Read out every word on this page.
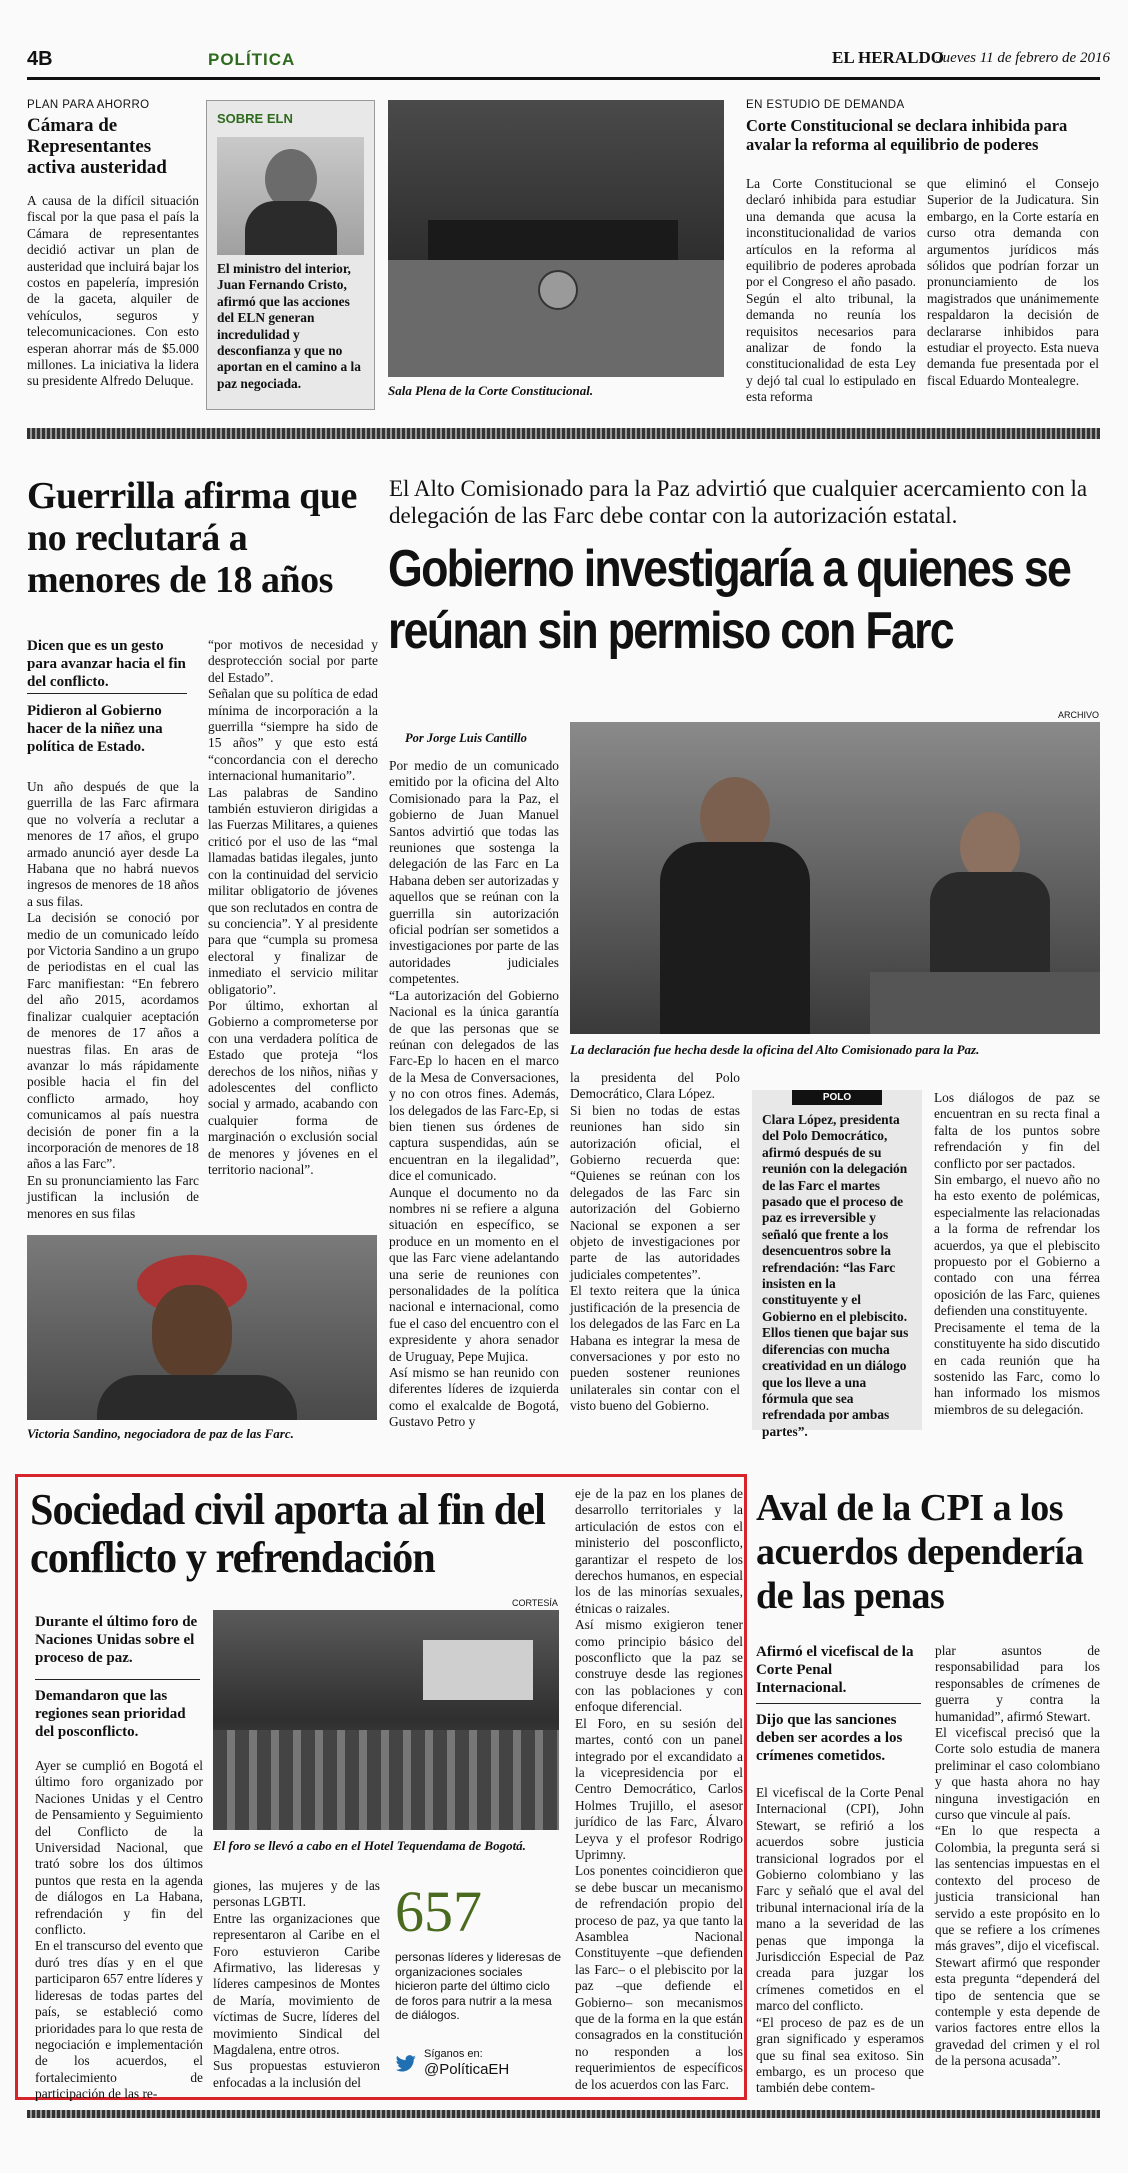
4B	POLÍTICA	EL HERALDO
Jueves 11 de febrero de 2016
PLAN PARA AHORRO
Cámara de Representantes activa austeridad
A causa de la difícil situación fiscal por la que pasa el país la Cámara de representantes decidió activar un plan de austeridad que incluirá bajar los costos en papelería, impresión de la gaceta, alquiler de vehículos, seguros y telecomunicaciones. Con esto esperan ahorrar más de $5.000 millones. La iniciativa la lidera su presidente Alfredo Deluque.
SOBRE ELN
El ministro del interior, Juan Fernando Cristo, afirmó que las acciones del ELN generan incredulidad y desconfianza y que no aportan en el camino a la paz negociada.	Sala Plena de la Corte Constitucional.
EN ESTUDIO DE DEMANDA
Corte Constitucional se declara inhibida para avalar la reforma al equilibrio de poderes
La Corte Constitucional se declaró inhibida para estudiar una demanda que acusa la inconstitucionalidad de varios artículos en la reforma al equilibrio de poderes aprobada por el Congreso el año pasado. Según el alto tribunal, la demanda no reunía los requisitos necesarios para analizar de fondo la constitucionalidad de esta Ley y dejó tal cual lo estipulado en esta reforma
que eliminó el Consejo Superior de la Judicatura. Sin embargo, en la Corte estaría en curso otra demanda con argumentos jurídicos más sólidos que podrían forzar un pronunciamiento de los magistrados que unánimemente respaldaron la decisión de declararse inhibidos para estudiar el proyecto. Esta nueva demanda fue presentada por el fiscal Eduardo Montealegre.
Guerrilla afirma que no reclutará a menores de 18 años
Dicen que es un gesto para avanzar hacia el fin del conflicto.
Pidieron al Gobierno hacer de la niñez una política de Estado.
Un año después de que la guerrilla de las Farc afirmara que no volvería a reclutar a menores de 17 años, el grupo armado anunció ayer desde La Habana que no habrá nuevos ingresos de menores de 18 años a sus filas.
La decisión se conoció por medio de un comunicado leído por Victoria Sandino a un grupo de periodistas en el cual las Farc manifiestan: “En febrero del año 2015, acordamos finalizar cualquier aceptación de menores de 17 años a nuestras filas. En aras de avanzar lo más rápidamente posible hacia el fin del conflicto armado, hoy comunicamos al país nuestra decisión de poner fin a la incorporación de menores de 18 años a las Farc”.
En su pronunciamiento las Farc justifican la inclusión de menores en sus filas
“por motivos de necesidad y desprotección social por parte del Estado”.
Señalan que su política de edad mínima de incorporación a la guerrilla “siempre ha sido de 15 años” y que esto está “concordancia con el derecho internacional humanitario”.
Las palabras de Sandino también estuvieron dirigidas a las Fuerzas Militares, a quienes criticó por el uso de las “mal llamadas batidas ilegales, junto con la continuidad del servicio militar obligatorio de jóvenes que son reclutados en contra de su conciencia”. Y al presidente para que “cumpla su promesa electoral y finalizar de inmediato el servicio militar obligatorio”.
Por último, exhortan al Gobierno a comprometerse por con una verdadera política de Estado que proteja “los derechos de los niños, niñas y adolescentes del conflicto social y armado, acabando con cualquier forma de marginación o exclusión social de menores y jóvenes en el territorio nacional”.
Victoria Sandino, negociadora de paz de las Farc.
El Alto Comisionado para la Paz advirtió que cualquier acercamiento con la delegación de las Farc debe contar con la autorización estatal.
Gobierno investigaría a quienes se reúnan sin permiso con Farc
ARCHIVO
Por Jorge Luis Cantillo
La declaración fue hecha desde la oficina del Alto Comisionado para la Paz.
Por medio de un comunicado emitido por la oficina del Alto Comisionado para la Paz, el gobierno de Juan Manuel Santos advirtió que todas las reuniones que sostenga la delegación de las Farc en La Habana deben ser autorizadas y aquellos que se reúnan con la guerrilla sin autorización oficial podrían ser sometidos a investigaciones por parte de las autoridades judiciales competentes.
“La autorización del Gobierno Nacional es la única garantía de que las personas que se reúnan con delegados de las Farc-Ep lo hacen en el marco de la Mesa de Conversaciones, y no con otros fines. Además, los delegados de las Farc-Ep, si bien tienen sus órdenes de captura suspendidas, aún se encuentran en la ilegalidad”, dice el comunicado.
Aunque el documento no da nombres ni se refiere a alguna situación en específico, se produce en un momento en el que las Farc viene adelantando una serie de reuniones con personalidades de la política nacional e internacional, como fue el caso del encuentro con el expresidente y ahora senador de Uruguay, Pepe Mujica.
Así mismo se han reunido con diferentes líderes de izquierda como el exalcalde de Bogotá, Gustavo Petro y
la presidenta del Polo Democrático, Clara López.
Si bien no todas de estas reuniones han sido sin autorización oficial, el Gobierno recuerda que: “Quienes se reúnan con los delegados de las Farc sin autorización del Gobierno Nacional se exponen a ser objeto de investigaciones por parte de las autoridades judiciales competentes”.
El texto reitera que la única justificación de la presencia de los delegados de las Farc en La Habana es integrar la mesa de conversaciones y por esto no pueden sostener reuniones unilaterales sin contar con el visto bueno del Gobierno.
POLO
Clara López, presidenta del Polo Democrático, afirmó después de su reunión con la delegación de las Farc el martes pasado que el proceso de paz es irreversible y señaló que frente a los desencuentros sobre la refrendación: “las Farc insisten en la constituyente y el Gobierno en el plebiscito. Ellos tienen que bajar sus diferencias con mucha creatividad en un diálogo que los lleve a una fórmula que sea refrendada por ambas partes”.
Los diálogos de paz se encuentran en su recta final a falta de los puntos sobre refrendación y fin del conflicto por ser pactados.
Sin embargo, el nuevo año no ha esto exento de polémicas, especialmente las relacionadas a la forma de refrendar los acuerdos, ya que el plebiscito propuesto por el Gobierno a contado con una férrea oposición de las Farc, quienes defienden una constituyente.
Precisamente el tema de la constituyente ha sido discutido en cada reunión que ha sostenido las Farc, como lo han informado los mismos miembros de su delegación.
Sociedad civil aporta al fin del conflicto y refrendación
Durante el último foro de Naciones Unidas sobre el proceso de paz.
Demandaron que las regiones sean prioridad del posconflicto.
Ayer se cumplió en Bogotá el último foro organizado por Naciones Unidas y el Centro de Pensamiento y Seguimiento del Conflicto de la Universidad Nacional, que trató sobre los dos últimos puntos que resta en la agenda de diálogos en La Habana, refrendación y fin del conflicto.
En el transcurso del evento que duró tres días y en el que participaron 657 entre líderes y lideresas de todas partes del país, se estableció como prioridades para lo que resta de negociación e implementación de los acuerdos, el fortalecimiento de participación de las re-
CORTESÍA
El foro se llevó a cabo en el Hotel Tequendama de Bogotá.
giones, las mujeres y de las personas LGBTI.
Entre las organizaciones que representaron al Caribe en el Foro estuvieron Caribe Afirmativo, las lideresas y líderes campesinos de Montes de María, movimiento de víctimas de Sucre, líderes del movimiento Sindical del Magdalena, entre otros.
Sus propuestas estuvieron enfocadas a la inclusión del
657
personas líderes y lideresas de organizaciones sociales hicieron parte del último ciclo de foros para nutrir a la mesa de diálogos.
Síganos en:
@PolíticaEH
eje de la paz en los planes de desarrollo territoriales y la articulación de estos con el ministerio del posconflicto, garantizar el respeto de los derechos humanos, en especial los de las minorías sexuales, étnicas o raizales.
Así mismo exigieron tener como principio básico del posconflicto que la paz se construye desde las regiones con las poblaciones y con enfoque diferencial.
El Foro, en su sesión del martes, contó con un panel integrado por el excandidato a la vicepresidencia por el Centro Democrático, Carlos Holmes Trujillo, el asesor jurídico de las Farc, Álvaro Leyva y el profesor Rodrigo Uprimny.
Los ponentes coincidieron que se debe buscar un mecanismo de refrendación propio del proceso de paz, ya que tanto la Asamblea Nacional Constituyente –que defienden las Farc– o el plebiscito por la paz –que defiende el Gobierno– son mecanismos que de la forma en la que están consagrados en la constitución no responden a los requerimientos de específicos de los acuerdos con las Farc.
Aval de la CPI a los acuerdos dependería de las penas
Afirmó el vicefiscal de la Corte Penal Internacional.
Dijo que las sanciones deben ser acordes a los crímenes cometidos.
El vicefiscal de la Corte Penal Internacional (CPI), John Stewart, se refirió a los acuerdos sobre justicia transicional logrados por el Gobierno colombiano y las Farc y señaló que el aval del tribunal internacional iría de la mano a la severidad de las penas que imponga la Jurisdicción Especial de Paz creada para juzgar los crímenes cometidos en el marco del conflicto.
“El proceso de paz es de un gran significado y esperamos que su final sea exitoso. Sin embargo, es un proceso que también debe contem-
plar asuntos de responsabilidad para los responsables de crímenes de guerra y contra la humanidad”, afirmó Stewart.
El vicefiscal precisó que la Corte solo estudia de manera preliminar el caso colombiano y que hasta ahora no hay ninguna investigación en curso que vincule al país.
“En lo que respecta a Colombia, la pregunta será si las sentencias impuestas en el contexto del proceso de justicia transicional han servido a este propósito en lo que se refiere a los crímenes más graves”, dijo el vicefiscal.
Stewart afirmó que responder esta pregunta “dependerá del tipo de sentencia que se contemple y esta depende de varios factores entre ellos la gravedad del crimen y el rol de la persona acusada”.
